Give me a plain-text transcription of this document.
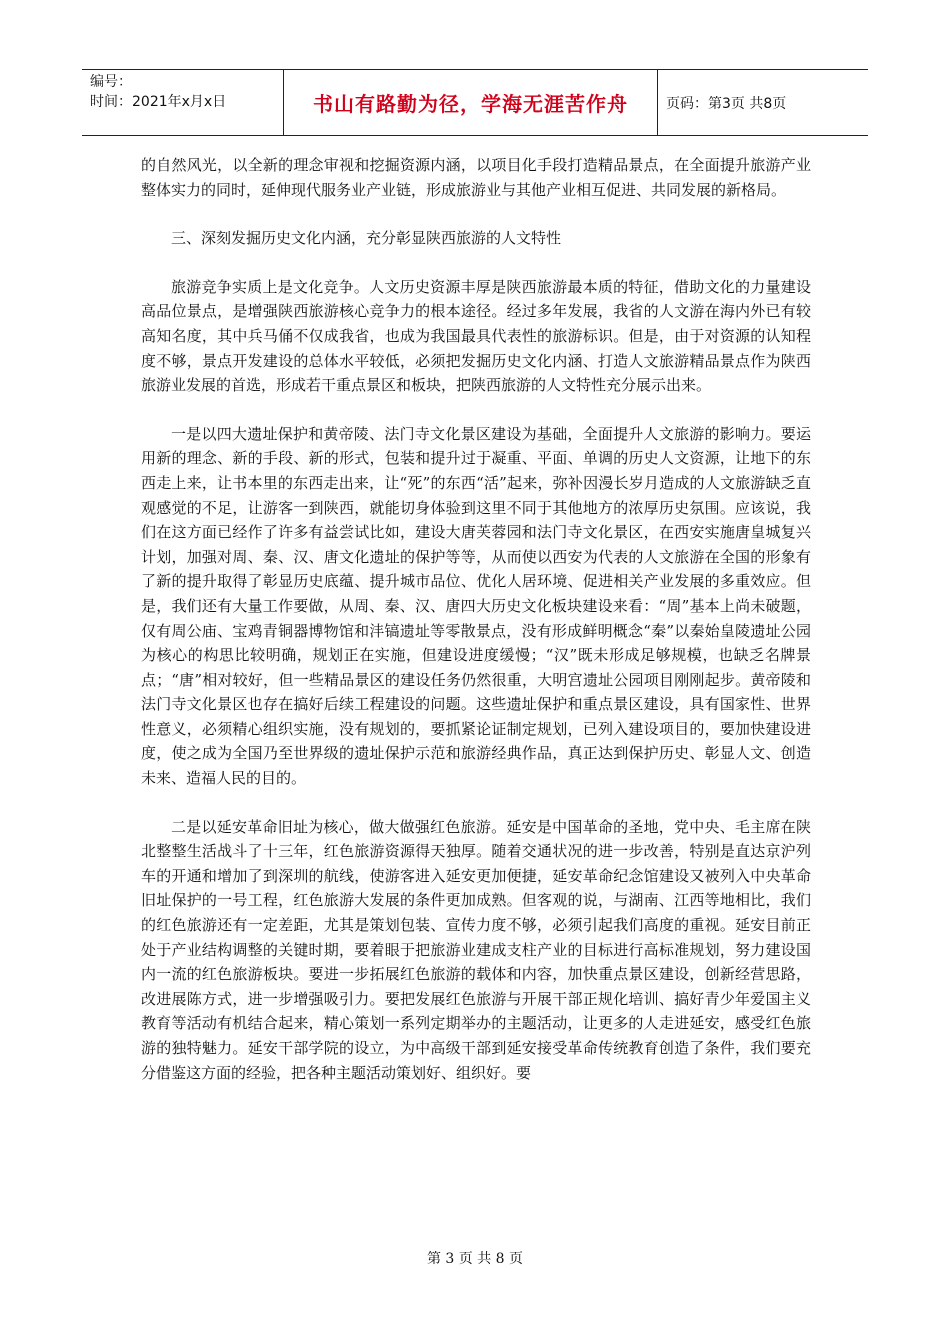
编号：
时间：2021年x月x日	书山有路勤为径，学海无涯苦作舟	页码：第3页 共8页

的自然风光，以全新的理念审视和挖掘资源内涵，以项目化手段打造精品景点，在全面提升旅游产业整体实力的同时，延伸现代服务业产业链，形成旅游业与其他产业相互促进、共同发展的新格局。

三、深刻发掘历史文化内涵，充分彰显陕西旅游的人文特性

旅游竞争实质上是文化竞争。人文历史资源丰厚是陕西旅游最本质的特征，借助文化的力量建设高品位景点，是增强陕西旅游核心竞争力的根本途径。经过多年发展，我省的人文游在海内外已有较高知名度，其中兵马俑不仅成我省，也成为我国最具代表性的旅游标识。但是，由于对资源的认知程度不够，景点开发建设的总体水平较低，必须把发掘历史文化内涵、打造人文旅游精品景点作为陕西旅游业发展的首选，形成若干重点景区和板块，把陕西旅游的人文特性充分展示出来。

一是以四大遗址保护和黄帝陵、法门寺文化景区建设为基础，全面提升人文旅游的影响力。要运用新的理念、新的手段、新的形式，包装和提升过于凝重、平面、单调的历史人文资源，让地下的东西走上来，让书本里的东西走出来，让“死”的东西“活”起来，弥补因漫长岁月造成的人文旅游缺乏直观感觉的不足，让游客一到陕西，就能切身体验到这里不同于其他地方的浓厚历史氛围。应该说，我们在这方面已经作了许多有益尝试比如，建设大唐芙蓉园和法门寺文化景区，在西安实施唐皇城复兴计划，加强对周、秦、汉、唐文化遗址的保护等等，从而使以西安为代表的人文旅游在全国的形象有了新的提升取得了彰显历史底蕴、提升城市品位、优化人居环境、促进相关产业发展的多重效应。但是，我们还有大量工作要做，从周、秦、汉、唐四大历史文化板块建设来看：“周”基本上尚未破题，仅有周公庙、宝鸡青铜器博物馆和沣镐遗址等零散景点，没有形成鲜明概念“秦”以秦始皇陵遗址公园为核心的构思比较明确，规划正在实施，但建设进度缓慢；“汉”既未形成足够规模，也缺乏名牌景点；“唐”相对较好，但一些精品景区的建设任务仍然很重，大明宫遗址公园项目刚刚起步。黄帝陵和法门寺文化景区也存在搞好后续工程建设的问题。这些遗址保护和重点景区建设，具有国家性、世界性意义，必须精心组织实施，没有规划的，要抓紧论证制定规划，已列入建设项目的，要加快建设进度，使之成为全国乃至世界级的遗址保护示范和旅游经典作品，真正达到保护历史、彰显人文、创造未来、造福人民的目的。

二是以延安革命旧址为核心，做大做强红色旅游。延安是中国革命的圣地，党中央、毛主席在陕北整整生活战斗了十三年，红色旅游资源得天独厚。随着交通状况的进一步改善，特别是直达京沪列车的开通和增加了到深圳的航线，使游客进入延安更加便捷，延安革命纪念馆建设又被列入中央革命旧址保护的一号工程，红色旅游大发展的条件更加成熟。但客观的说，与湖南、江西等地相比，我们的红色旅游还有一定差距，尤其是策划包装、宣传力度不够，必须引起我们高度的重视。延安目前正处于产业结构调整的关键时期，要着眼于把旅游业建成支柱产业的目标进行高标准规划，努力建设国内一流的红色旅游板块。要进一步拓展红色旅游的载体和内容，加快重点景区建设，创新经营思路，改进展陈方式，进一步增强吸引力。要把发展红色旅游与开展干部正规化培训、搞好青少年爱国主义教育等活动有机结合起来，精心策划一系列定期举办的主题活动，让更多的人走进延安，感受红色旅游的独特魅力。延安干部学院的设立，为中高级干部到延安接受革命传统教育创造了条件，我们要充分借鉴这方面的经验，把各种主题活动策划好、组织好。要

第 3 页 共 8 页
